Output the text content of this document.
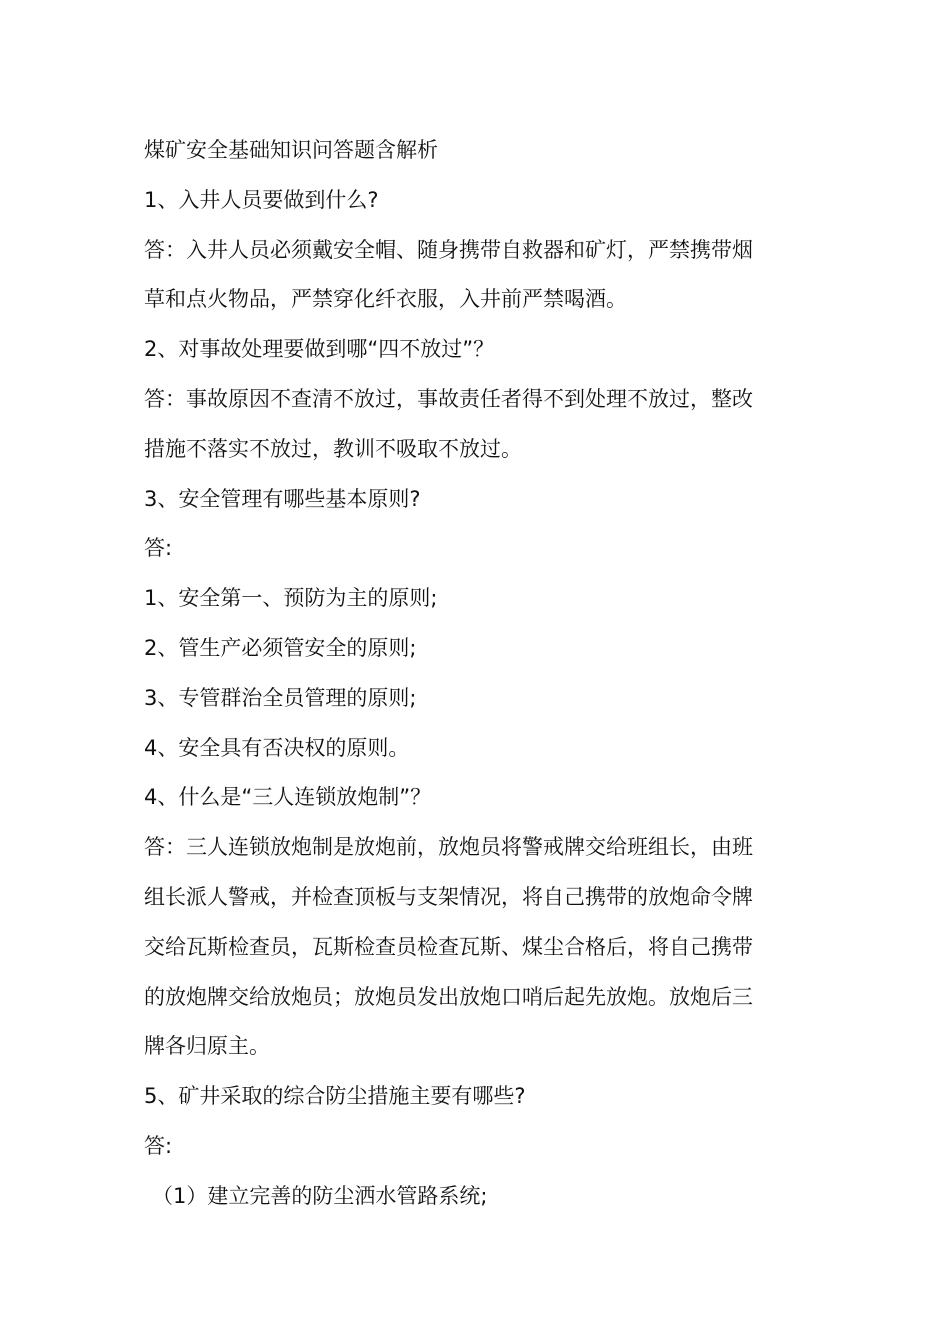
煤矿安全基础知识问答题含解析

1、入井人员要做到什么?

答：入井人员必须戴安全帽、随身携带自救器和矿灯，严禁携带烟

草和点火物品，严禁穿化纤衣服，入井前严禁喝酒。

2、对事故处理要做到哪“四不放过”？

答：事故原因不查清不放过，事故责任者得不到处理不放过，整改

措施不落实不放过，教训不吸取不放过。

3、安全管理有哪些基本原则?

答:

1、安全第一、预防为主的原则;

2、管生产必须管安全的原则;

3、专管群治全员管理的原则;

4、安全具有否决权的原则。

4、什么是“三人连锁放炮制”？

答：三人连锁放炮制是放炮前，放炮员将警戒牌交给班组长，由班

组长派人警戒，并检查顶板与支架情况，将自己携带的放炮命令牌

交给瓦斯检查员，瓦斯检查员检查瓦斯、煤尘合格后，将自己携带

的放炮牌交给放炮员；放炮员发出放炮口哨后起先放炮。放炮后三

牌各归原主。

5、矿井采取的综合防尘措施主要有哪些?

答:

（1）建立完善的防尘洒水管路系统;
